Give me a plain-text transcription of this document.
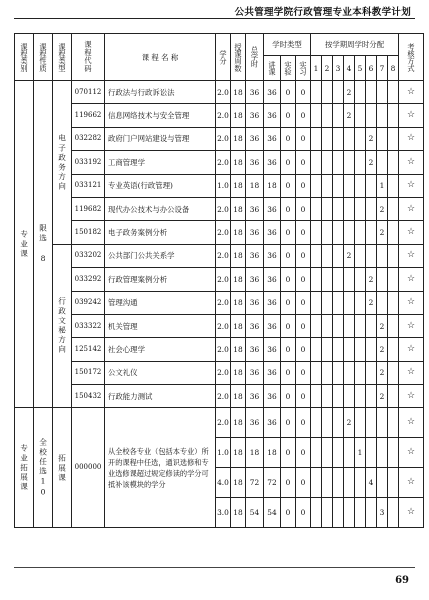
公共管理学院行政管理专业本科教学计划
课程类别	课程性质	课程类型	课程代码	课 程 名 称	学分	授课周数	总学时	学时类型			按学期周学时分配								考核方式

								讲课	实验	实习	1	2	3	4	5	6	7	8	

专业课	限选 8	电子政务方向	070112	行政法与行政诉讼法	2.0	18	36	36	0	0				2					☆
			119662	信息网络技术与安全管理	2.0	18	36	36	0	0				2					☆
			032282	政府门户网站建设与管理	2.0	18	36	36	0	0						2			☆
			033192	工商管理学	2.0	18	36	36	0	0						2			☆
			033121	专业英语(行政管理)	1.0	18	18	18	0	0							1		☆
			119682	现代办公技术与办公设备	2.0	18	36	36	0	0							2		☆
			150182	电子政务案例分析	2.0	18	36	36	0	0							2		☆

		行政文秘方向	033202	公共部门公共关系学	2.0	18	36	36	0	0				2					☆
			033292	行政管理案例分析	2.0	18	36	36	0	0						2			☆
			039242	管理沟通	2.0	18	36	36	0	0						2			☆
			033322	机关管理	2.0	18	36	36	0	0							2		☆
			125142	社会心理学	2.0	18	36	36	0	0							2		☆
			150172	公文礼仪	2.0	18	36	36	0	0							2		☆
			150432	行政能力测试	2.0	18	36	36	0	0							2		☆

专业拓展课	全校任选10	拓展课	000000	从全校各专业（包括本专业）所开的课程中任选，通识选修和专业选修课超过规定修读的学分可抵补该模块的学分	2.0	18	36	36	0	0				2					☆
					1.0	18	18	18	0	0					1				☆
					4.0	18	72	72	0	0						4			☆
					3.0	18	54	54	0	0							3		☆
69
